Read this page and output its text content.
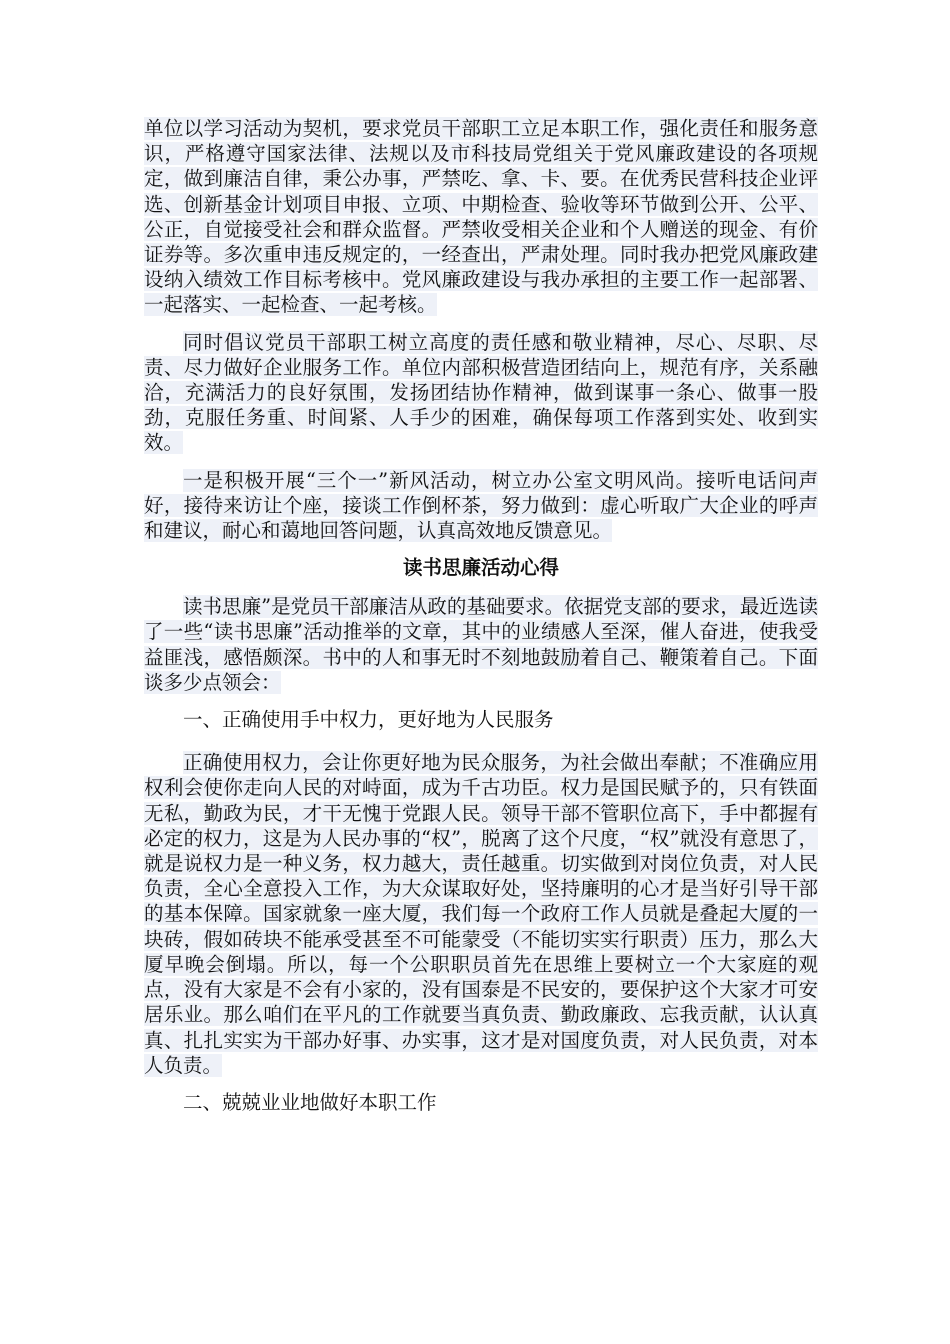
单位以学习活动为契机，要求党员干部职工立足本职工作，强化责任和服务意识，严格遵守国家法律、法规以及市科技局党组关于党风廉政建设的各项规定，做到廉洁自律，秉公办事，严禁吃、拿、卡、要。在优秀民营科技企业评选、创新基金计划项目申报、立项、中期检查、验收等环节做到公开、公平、公正，自觉接受社会和群众监督。严禁收受相关企业和个人赠送的现金、有价证券等。多次重申违反规定的，一经查出，严肃处理。同时我办把党风廉政建设纳入绩效工作目标考核中。党风廉政建设与我办承担的主要工作一起部署、一起落实、一起检查、一起考核。

同时倡议党员干部职工树立高度的责任感和敬业精神，尽心、尽职、尽责、尽力做好企业服务工作。单位内部积极营造团结向上，规范有序，关系融洽，充满活力的良好氛围，发扬团结协作精神，做到谋事一条心、做事一股劲，克服任务重、时间紧、人手少的困难，确保每项工作落到实处、收到实效。

一是积极开展“三个一”新风活动，树立办公室文明风尚。接听电话问声好，接待来访让个座，接谈工作倒杯茶，努力做到：虚心听取广大企业的呼声和建议，耐心和蔼地回答问题，认真高效地反馈意见。

读书思廉活动心得

读书思廉”是党员干部廉洁从政的基础要求。依据党支部的要求，最近选读了一些“读书思廉”活动推举的文章，其中的业绩感人至深，催人奋进，使我受益匪浅，感悟颇深。书中的人和事无时不刻地鼓励着自己、鞭策着自己。下面谈多少点领会：

一、正确使用手中权力，更好地为人民服务

正确使用权力，会让你更好地为民众服务，为社会做出奉献；不准确应用权利会使你走向人民的对峙面，成为千古功臣。权力是国民赋予的，只有铁面无私，勤政为民，才干无愧于党跟人民。领导干部不管职位高下，手中都握有必定的权力，这是为人民办事的“权”，脱离了这个尺度，“权”就没有意思了，就是说权力是一种义务，权力越大，责任越重。切实做到对岗位负责，对人民负责，全心全意投入工作，为大众谋取好处，坚持廉明的心才是当好引导干部的基本保障。国家就象一座大厦，我们每一个政府工作人员就是叠起大厦的一块砖，假如砖块不能承受甚至不可能蒙受（不能切实实行职责）压力，那么大厦早晚会倒塌。所以，每一个公职职员首先在思维上要树立一个大家庭的观点，没有大家是不会有小家的，没有国泰是不民安的，要保护这个大家才可安居乐业。那么咱们在平凡的工作就要当真负责、勤政廉政、忘我贡献，认认真真、扎扎实实为干部办好事、办实事，这才是对国度负责，对人民负责，对本人负责。

二、兢兢业业地做好本职工作
